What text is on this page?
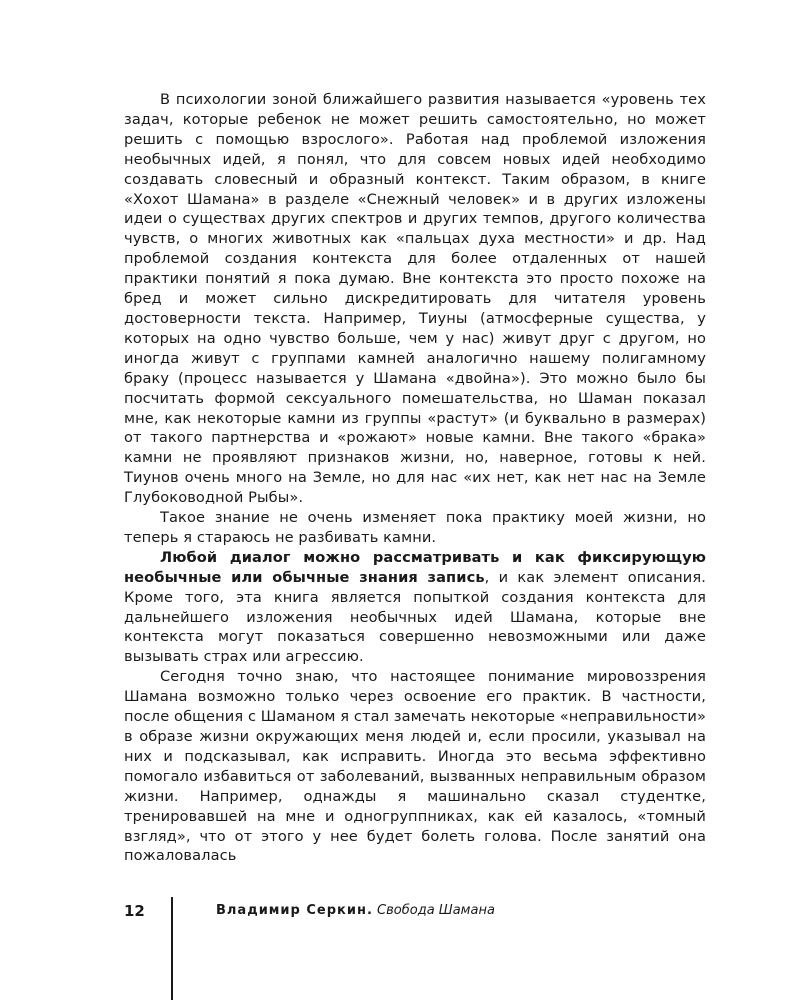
В психологии зоной ближайшего развития называется «уровень тех задач, которые ребенок не может решить самостоятельно, но может решить с помощью взрослого». Работая над проблемой изложения необычных идей, я понял, что для совсем новых идей необходимо создавать словесный и образный контекст. Таким образом, в книге «Хохот Шамана» в разделе «Снежный человек» и в других изложены идеи о существах других спектров и других темпов, другого количества чувств, о многих животных как «пальцах духа местности» и др. Над проблемой создания контекста для более отдаленных от нашей практики понятий я пока думаю. Вне контекста это просто похоже на бред и может сильно дискредитировать для читателя уровень достоверности текста. Например, Тиуны (атмосферные существа, у которых на одно чувство больше, чем у нас) живут друг с другом, но иногда живут с группами камней аналогично нашему полигамному браку (процесс называется у Шамана «двойна»). Это можно было бы посчитать формой сексуального помешательства, но Шаман показал мне, как некоторые камни из группы «растут» (и буквально в размерах) от такого партнерства и «рожают» новые камни. Вне такого «брака» камни не проявляют признаков жизни, но, наверное, готовы к ней. Тиунов очень много на Земле, но для нас «их нет, как нет нас на Земле Глубоководной Рыбы».

Такое знание не очень изменяет пока практику моей жизни, но теперь я стараюсь не разбивать камни.

Любой диалог можно рассматривать и как фиксирующую необычные или обычные знания запись, и как элемент описания. Кроме того, эта книга является попыткой создания контекста для дальнейшего изложения необычных идей Шамана, которые вне контекста могут показаться совершенно невозможными или даже вызывать страх или агрессию.

Сегодня точно знаю, что настоящее понимание мировоззрения Шамана возможно только через освоение его практик. В частности, после общения с Шаманом я стал замечать некоторые «неправильности» в образе жизни окружающих меня людей и, если просили, указывал на них и подсказывал, как исправить. Иногда это весьма эффективно помогало избавиться от заболеваний, вызванных неправильным образом жизни. Например, однажды я машинально сказал студентке, тренировавшей на мне и одногруппниках, как ей казалось, «томный взгляд», что от этого у нее будет болеть голова. После занятий она пожаловалась

12	Владимир Серкин. Свобода Шамана
